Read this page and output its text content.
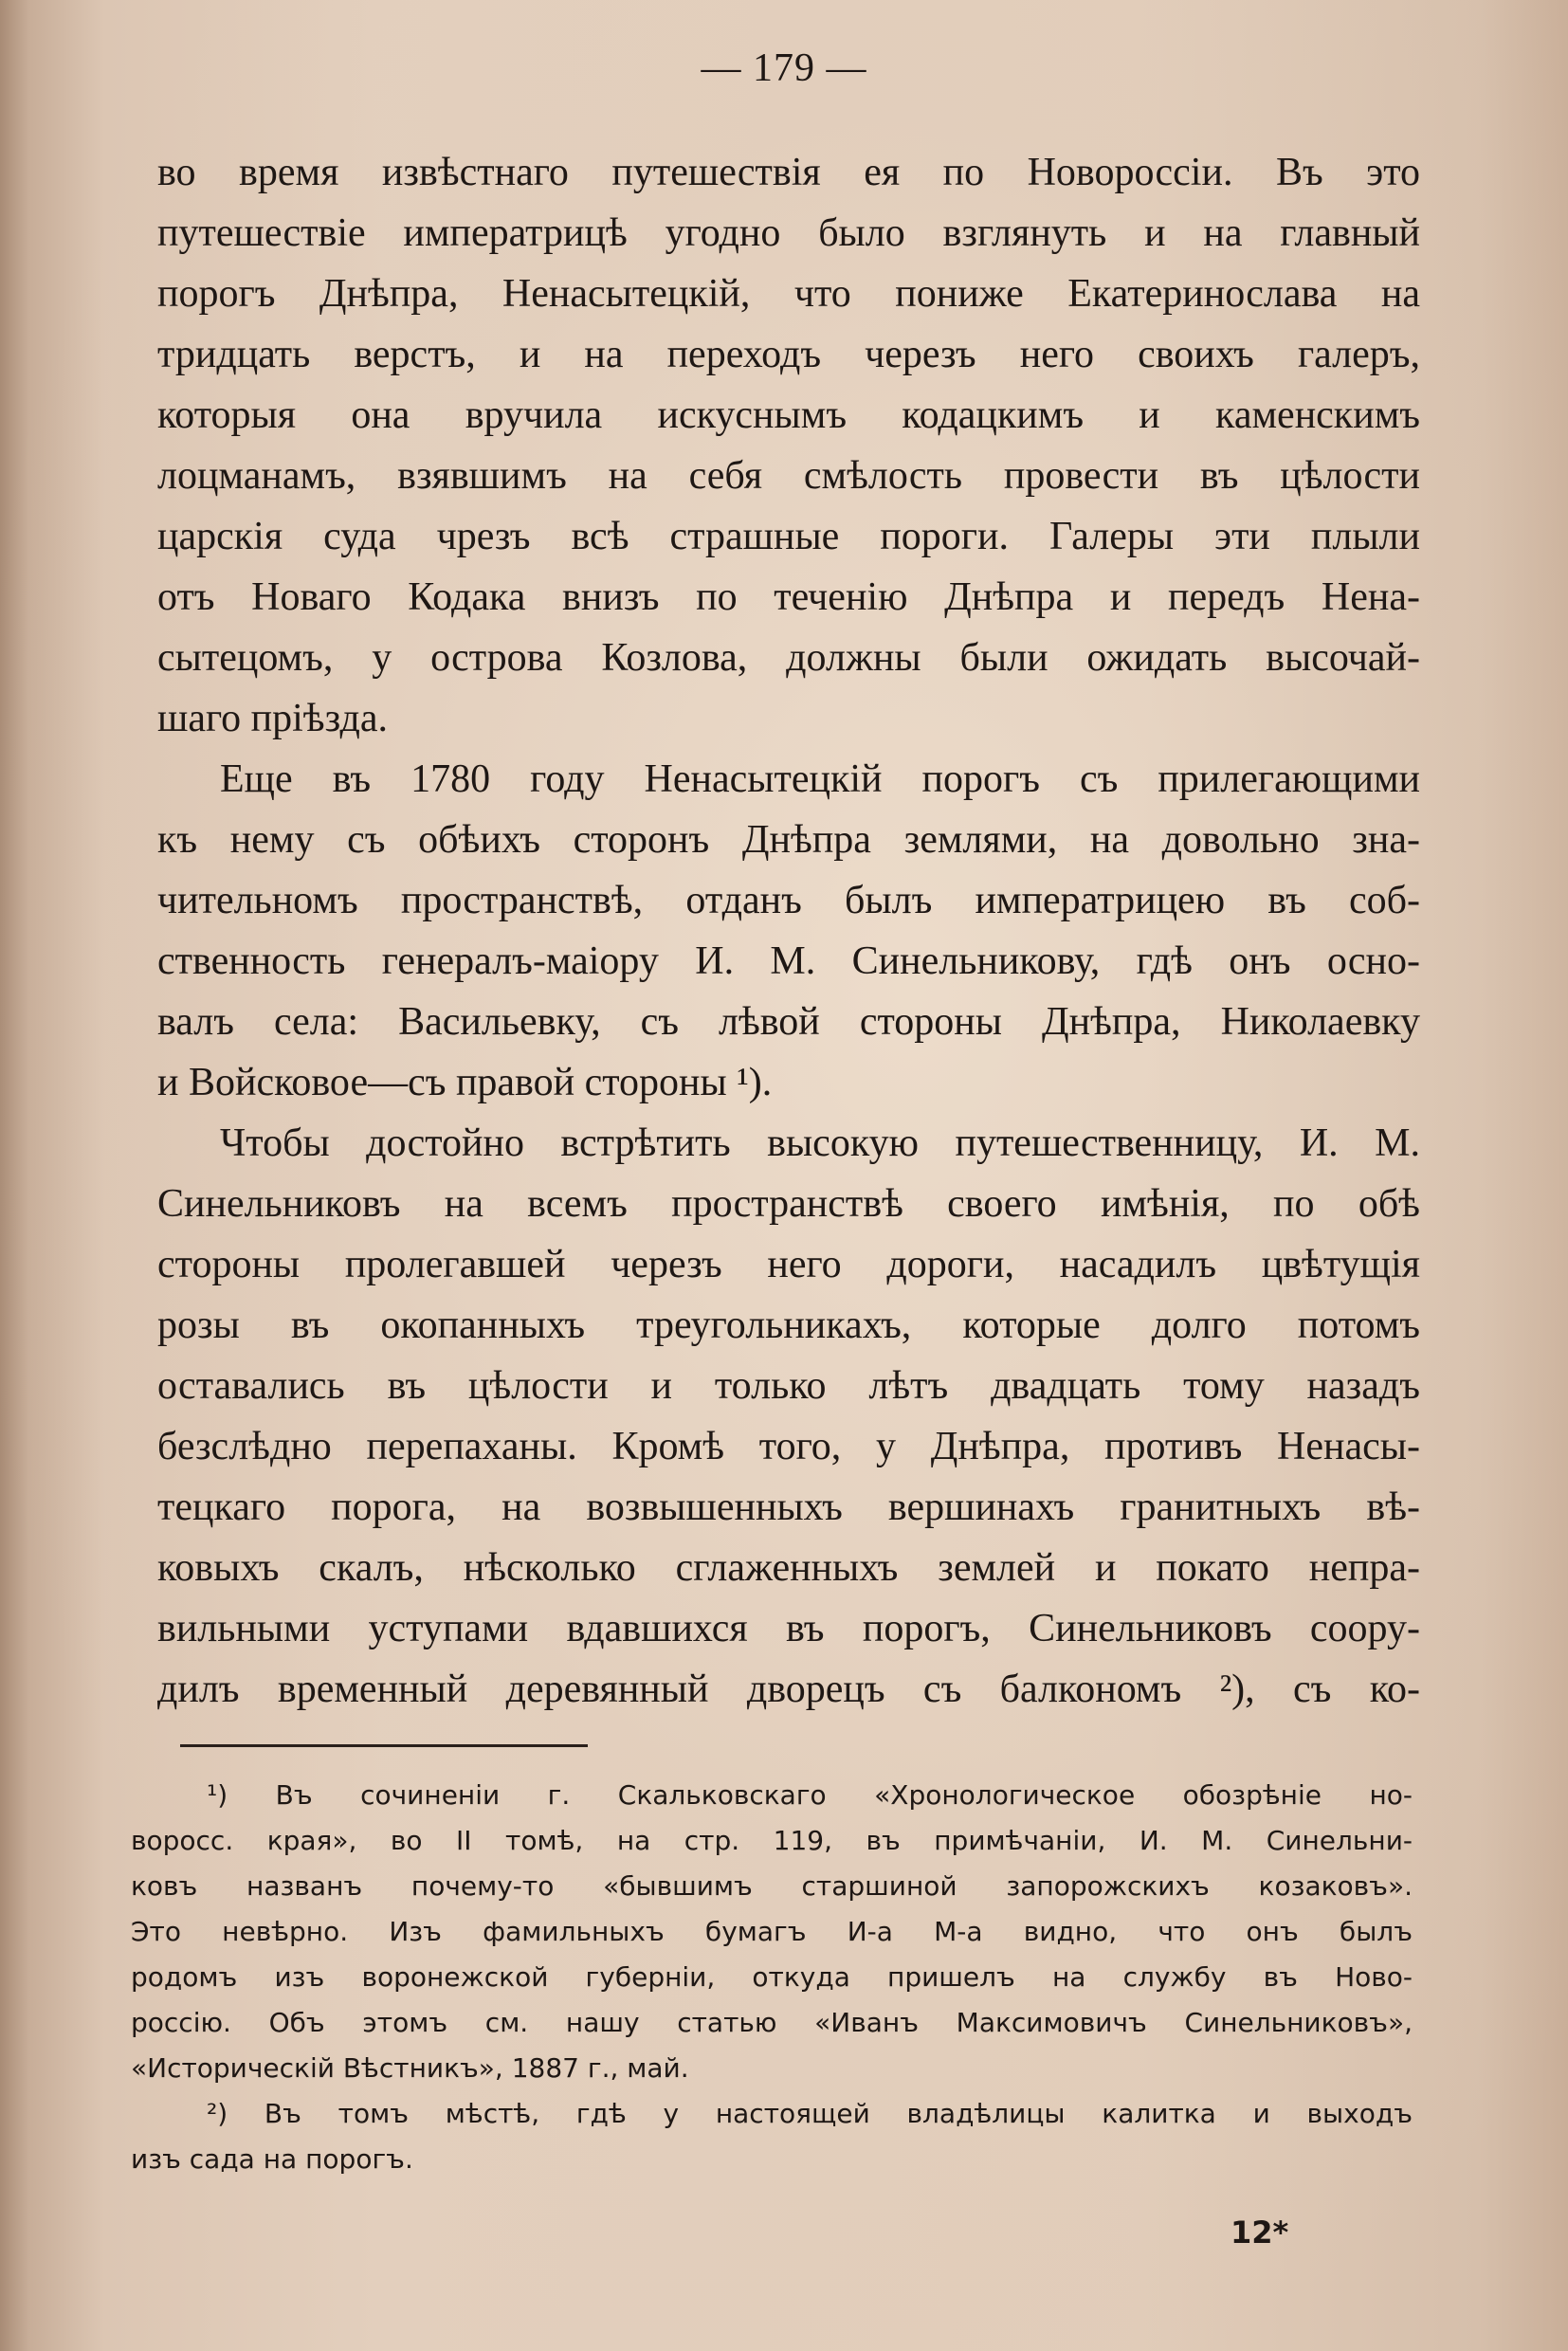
— 179 —
во время извѣстнаго путешествія ея по Новороссіи. Въ это
путешествіе императрицѣ угодно было взглянуть и на главный
порогъ Днѣпра, Ненасытецкій, что пониже Екатеринослава на
тридцать верстъ, и на переходъ черезъ него своихъ галеръ,
которыя она вручила искуснымъ кодацкимъ и каменскимъ
лоцманамъ, взявшимъ на себя смѣлость провести въ цѣлости
царскія суда чрезъ всѣ страшные пороги. Галеры эти плыли
отъ Новаго Кодака внизъ по теченію Днѣпра и передъ Нена-
сытецомъ, у острова Козлова, должны были ожидать высочай-
шаго пріѣзда.
Еще въ 1780 году Ненасытецкій порогъ съ прилегающими
къ нему съ обѣихъ сторонъ Днѣпра землями, на довольно зна-
чительномъ пространствѣ, отданъ былъ императрицею въ соб-
ственность генералъ-маіору И. М. Синельникову, гдѣ онъ осно-
валъ села: Васильевку, съ лѣвой стороны Днѣпра, Николаевку
и Войсковое—съ правой стороны ¹).
Чтобы достойно встрѣтить высокую путешественницу, И. М.
Синельниковъ на всемъ пространствѣ своего имѣнія, по обѣ
стороны пролегавшей черезъ него дороги, насадилъ цвѣтущія
розы въ окопанныхъ треугольникахъ, которые долго потомъ
оставались въ цѣлости и только лѣтъ двадцать тому назадъ
безслѣдно перепаханы. Кромѣ того, у Днѣпра, противъ Ненасы-
тецкаго порога, на возвышенныхъ вершинахъ гранитныхъ вѣ-
ковыхъ скалъ, нѣсколько сглаженныхъ землей и покато непра-
вильными уступами вдавшихся въ порогъ, Синельниковъ соору-
дилъ временный деревянный дворецъ съ балкономъ ²), съ ко-
¹) Въ сочиненіи г. Скальковскаго «Хронологическое обозрѣніе но-
воросс. края», во II томѣ, на стр. 119, въ примѣчаніи, И. М. Синельни-
ковъ названъ почему-то «бывшимъ старшиной запорожскихъ козаковъ».
Это невѣрно. Изъ фамильныхъ бумагъ И-а М-а видно, что онъ былъ
родомъ изъ воронежской губерніи, откуда пришелъ на службу въ Ново-
россію. Объ этомъ см. нашу статью «Иванъ Максимовичъ Синельниковъ»,
«Историческій Вѣстникъ», 1887 г., май.
²) Въ томъ мѣстѣ, гдѣ у настоящей владѣлицы калитка и выходъ
изъ сада на порогъ.
12*
